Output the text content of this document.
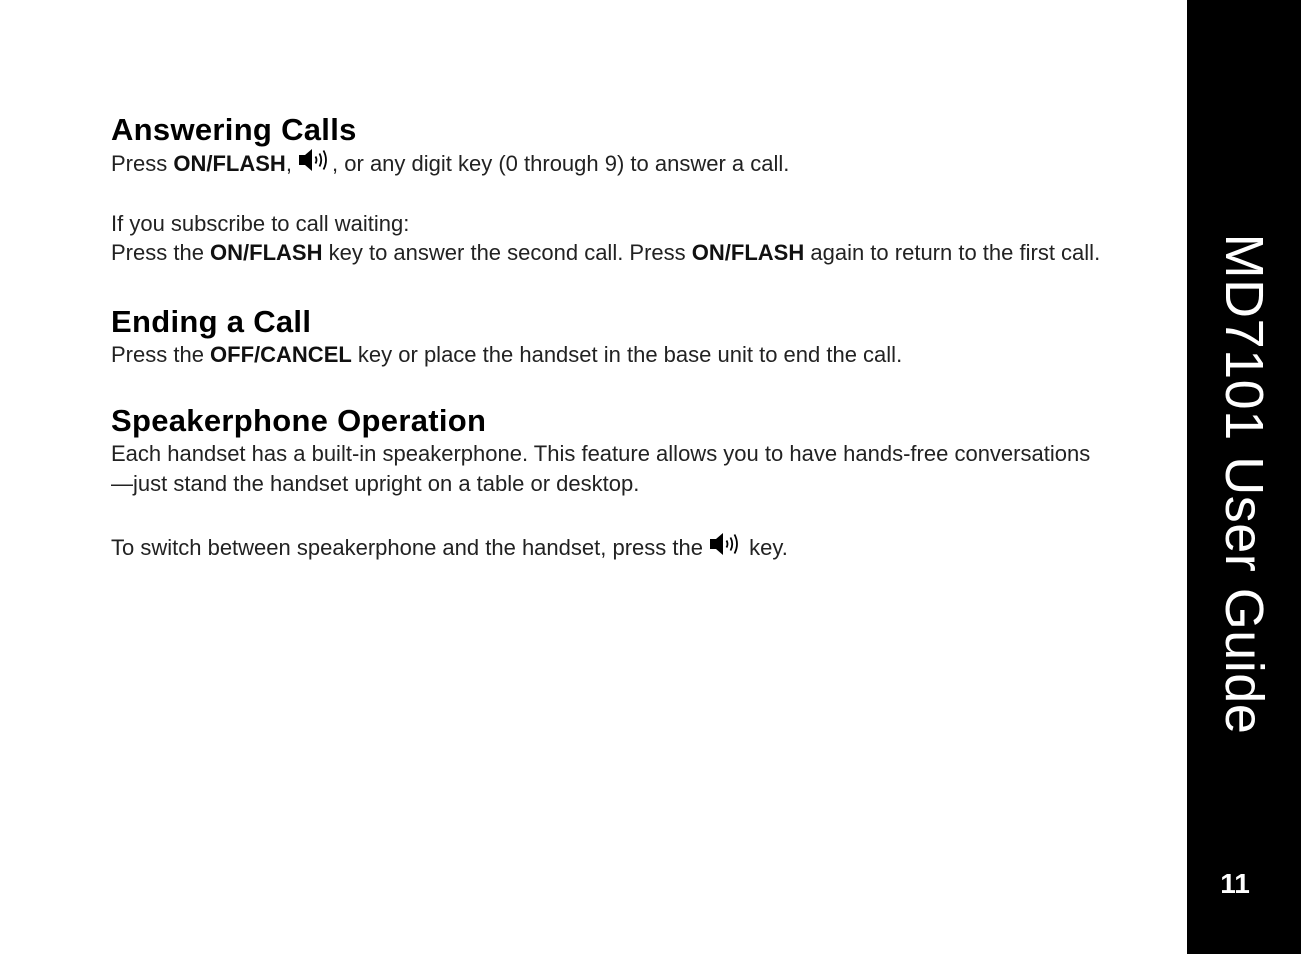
Answering Calls

Press ON/FLASH,
, or any digit key (0 through 9) to answer a call.

If you subscribe to call waiting:

Press the ON/FLASH key to answer the second call. Press ON/FLASH again to return to the first call.

Ending a Call

Press the OFF/CANCEL key or place the handset in the base unit to end the call.

Speakerphone Operation

Each handset has a built-in speakerphone. This feature allows you to have hands-free conversations—just stand the handset upright on a table or desktop.

To switch between speakerphone and the handset, press the
key.	MD7101 User Guide
11
